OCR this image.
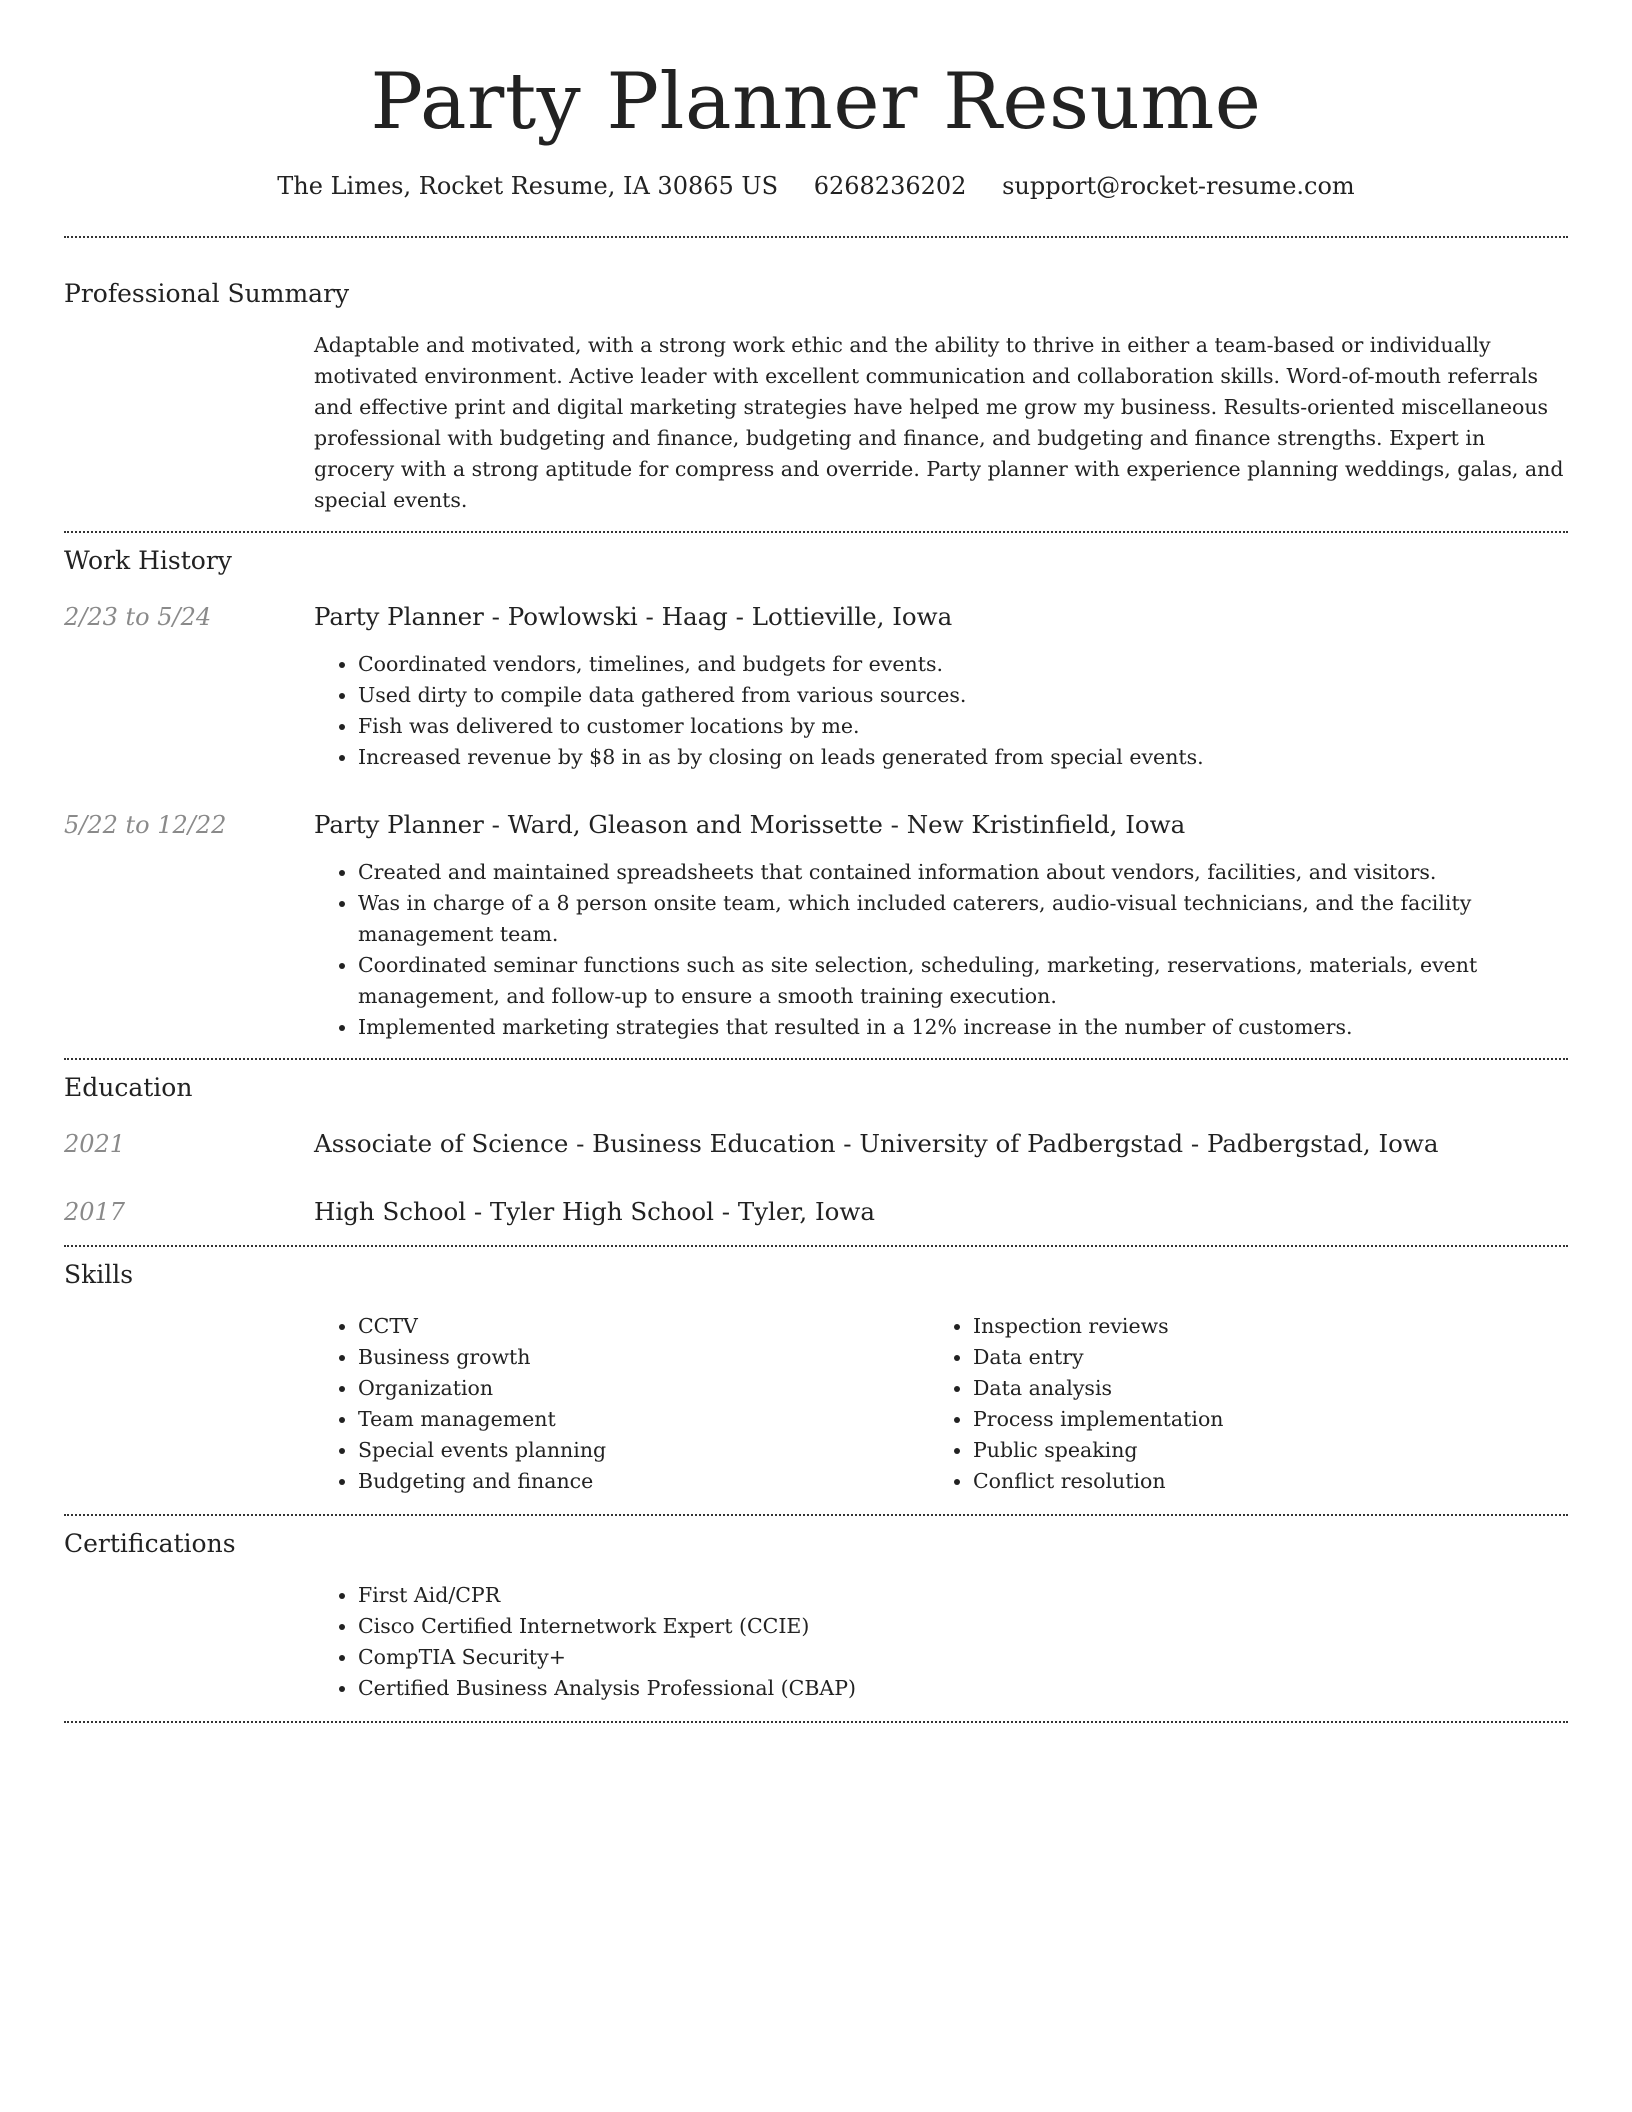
Party Planner Resume
The Limes, Rocket Resume, IA 30865 US 6268236202 support@rocket-resume.com
Professional Summary

Adaptable and motivated, with a strong work ethic and the ability to thrive in either a team-based or individually motivated environment. Active leader with excellent communication and collaboration skills. Word-of-mouth referrals and effective print and digital marketing strategies have helped me grow my business. Results-oriented miscellaneous professional with budgeting and finance, budgeting and finance, and budgeting and finance strengths. Expert in grocery with a strong aptitude for compress and override. Party planner with experience planning weddings, galas, and special events.

Work History
2/23 to 5/24	Party Planner - Powlowski - Haag - Lottieville, Iowa
• Coordinated vendors, timelines, and budgets for events.
• Used dirty to compile data gathered from various sources.
• Fish was delivered to customer locations by me.
• Increased revenue by $8 in as by closing on leads generated from special events.
5/22 to 12/22	Party Planner - Ward, Gleason and Morissette - New Kristinfield, Iowa
• Created and maintained spreadsheets that contained information about vendors, facilities, and visitors.
• Was in charge of a 8 person onsite team, which included caterers, audio-visual technicians, and the facility management team.
• Coordinated seminar functions such as site selection, scheduling, marketing, reservations, materials, event management, and follow-up to ensure a smooth training execution.
• Implemented marketing strategies that resulted in a 12% increase in the number of customers.
Education
2021	Associate of Science - Business Education - University of Padbergstad - Padbergstad, Iowa
2017	High School - Tyler High School - Tyler, Iowa
Skills
• CCTV
• Business growth
• Organization
• Team management
• Special events planning
• Budgeting and finance
• Inspection reviews
• Data entry
• Data analysis
• Process implementation
• Public speaking
• Conflict resolution
Certifications
• First Aid/CPR
• Cisco Certified Internetwork Expert (CCIE)
• CompTIA Security+
• Certified Business Analysis Professional (CBAP)
